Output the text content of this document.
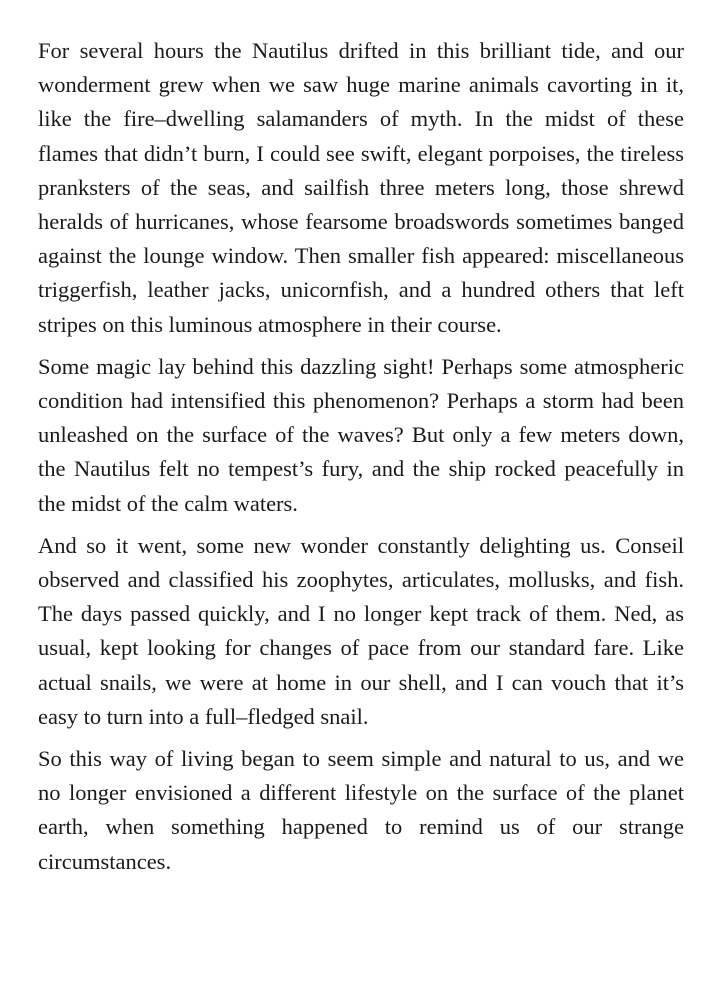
For several hours the Nautilus drifted in this brilliant tide, and our wonderment grew when we saw huge marine animals cavorting in it, like the fire–dwelling salamanders of myth. In the midst of these flames that didn’t burn, I could see swift, elegant porpoises, the tireless pranksters of the seas, and sailfish three meters long, those shrewd heralds of hurricanes, whose fearsome broadswords sometimes banged against the lounge window. Then smaller fish appeared: miscellaneous triggerfish, leather jacks, unicornfish, and a hundred others that left stripes on this luminous atmosphere in their course.

Some magic lay behind this dazzling sight! Perhaps some atmospheric condition had intensified this phenomenon? Perhaps a storm had been unleashed on the surface of the waves? But only a few meters down, the Nautilus felt no tempest’s fury, and the ship rocked peacefully in the midst of the calm waters.

And so it went, some new wonder constantly delighting us. Conseil observed and classified his zoophytes, articulates, mollusks, and fish. The days passed quickly, and I no longer kept track of them. Ned, as usual, kept looking for changes of pace from our standard fare. Like actual snails, we were at home in our shell, and I can vouch that it’s easy to turn into a full–fledged snail.

So this way of living began to seem simple and natural to us, and we no longer envisioned a different lifestyle on the surface of the planet earth, when something happened to remind us of our strange circumstances.
